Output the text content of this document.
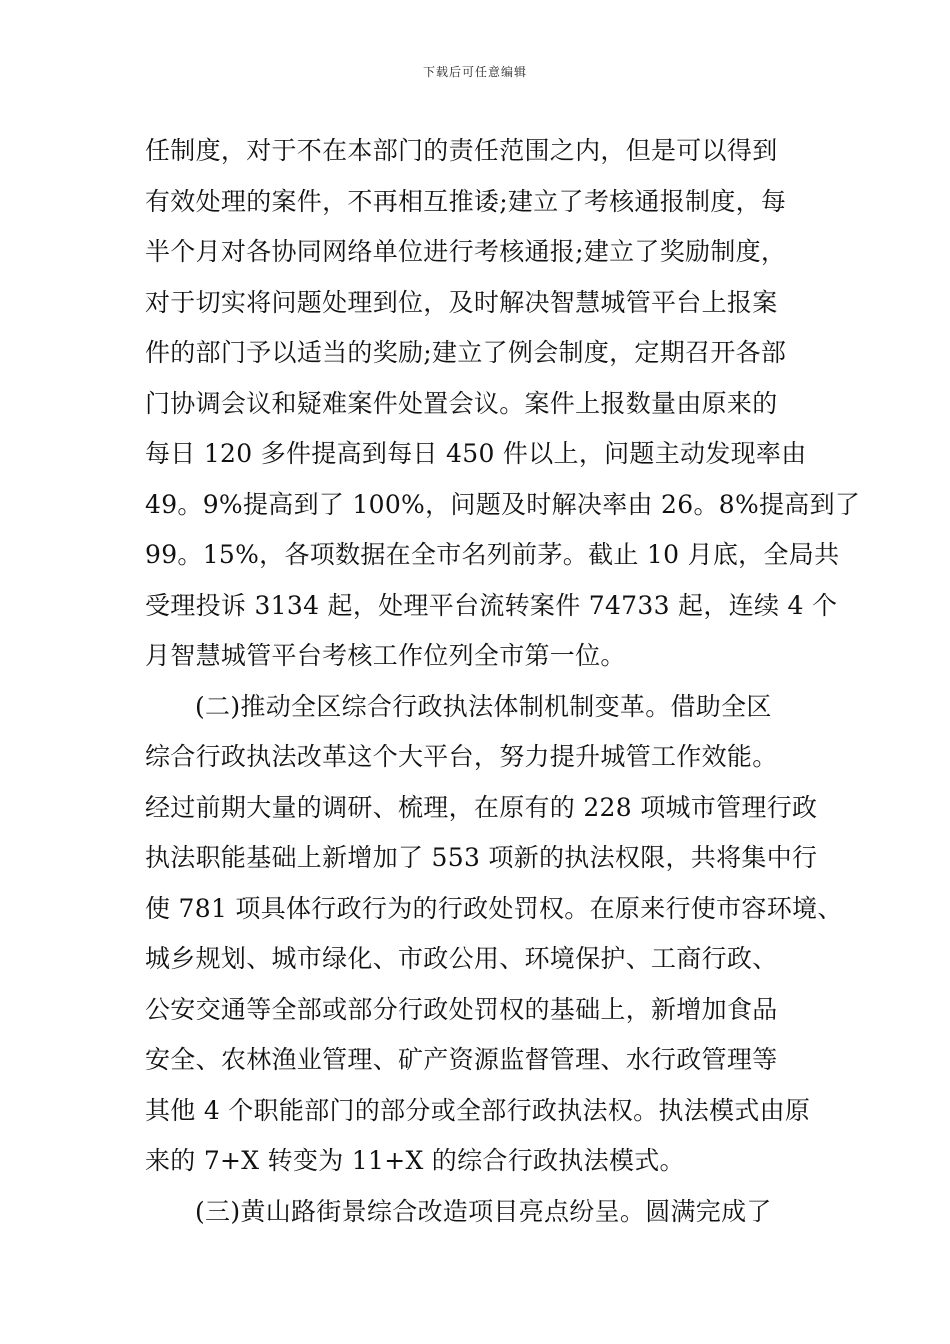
下载后可任意编辑
任制度，对于不在本部门的责任范围之内，但是可以得到
有效处理的案件，不再相互推诿;建立了考核通报制度，每
半个月对各协同网络单位进行考核通报;建立了奖励制度，
对于切实将问题处理到位，及时解决智慧城管平台上报案
件的部门予以适当的奖励;建立了例会制度，定期召开各部
门协调会议和疑难案件处置会议。案件上报数量由原来的
每日 120 多件提高到每日 450 件以上，问题主动发现率由
49。9%提高到了 100%，问题及时解决率由 26。8%提高到了
99。15%，各项数据在全市名列前茅。截止 10 月底，全局共
受理投诉 3134 起，处理平台流转案件 74733 起，连续 4 个
月智慧城管平台考核工作位列全市第一位。
(二)推动全区综合行政执法体制机制变革。借助全区
综合行政执法改革这个大平台，努力提升城管工作效能。
经过前期大量的调研、梳理，在原有的 228 项城市管理行政
执法职能基础上新增加了 553 项新的执法权限，共将集中行
使 781 项具体行政行为的行政处罚权。在原来行使市容环境、
城乡规划、城市绿化、市政公用、环境保护、工商行政、
公安交通等全部或部分行政处罚权的基础上，新增加食品
安全、农林渔业管理、矿产资源监督管理、水行政管理等
其他 4 个职能部门的部分或全部行政执法权。执法模式由原
来的 7+X 转变为 11+X 的综合行政执法模式。
(三)黄山路街景综合改造项目亮点纷呈。圆满完成了
